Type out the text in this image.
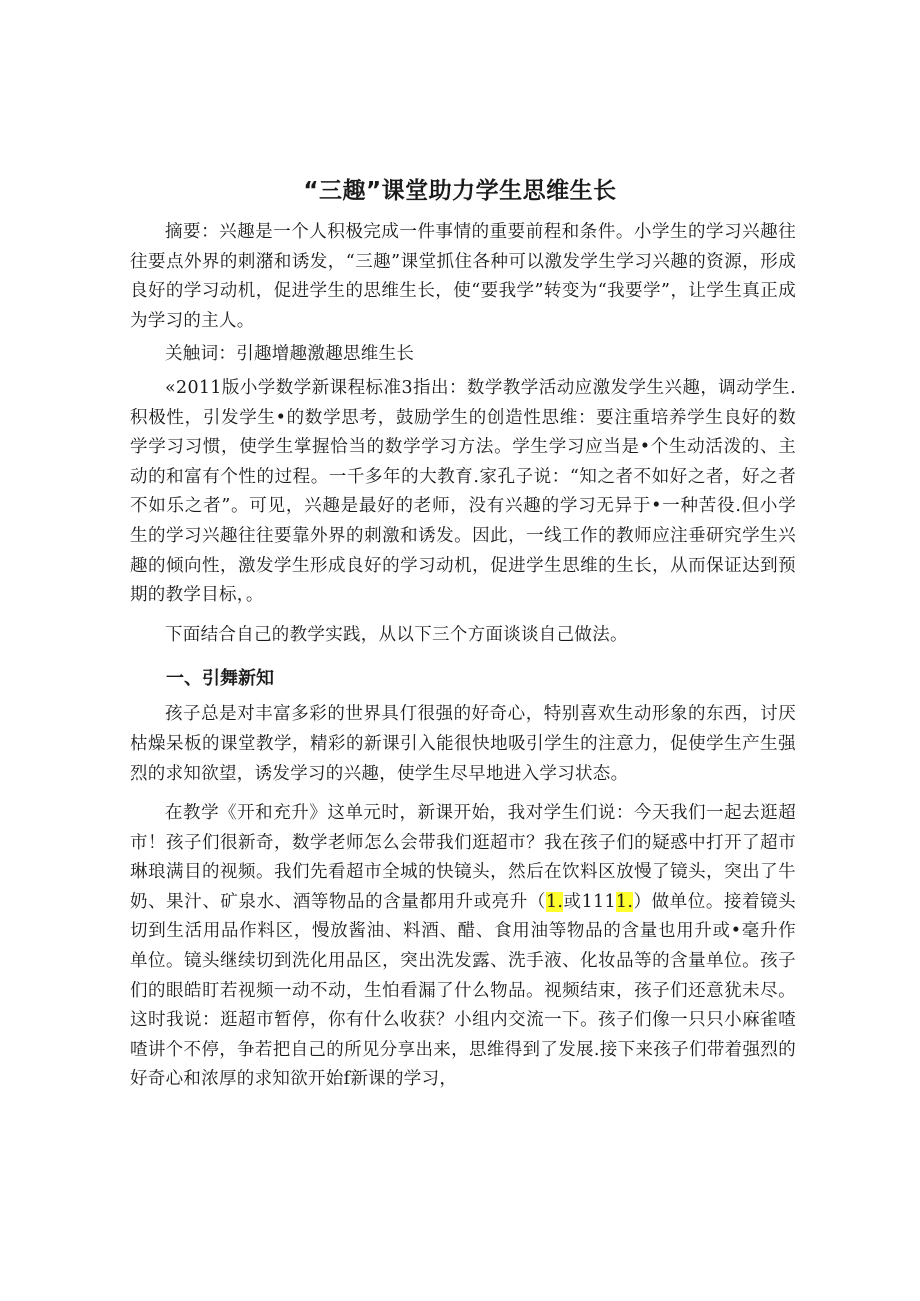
“三趣”课堂助力学生思维生长

摘要：兴趣是一个人积极完成一件事情的重要前程和条件。小学生的学习兴趣往往要点外界的刺潴和诱发，“三趣”课堂抓住各种可以激发学生学习兴趣的资源，形成良好的学习动机，促进学生的思维生长，使“要我学”转变为“我要学”，让学生真正成为学习的主人。

关触词：引趣增趣激趣思维生长

«2011版小学数学新课程标准3指出：数学教学活动应激发学生兴趣，调动学生.积极性，引发学生•的数学思考，鼓励学生的创造性思维：要注重培养学生良好的数学学习习惯，使学生掌握恰当的数学学习方法。学生学习应当是•个生动活泼的、主动的和富有个性的过程。一千多年的大教育.家孔子说：“知之者不如好之者，好之者不如乐之者”。可见，兴趣是最好的老师，没有兴趣的学习无异于•一种苦役.但小学生的学习兴趣往往要靠外界的刺激和诱发。因此，一线工作的教师应注垂研究学生兴趣的倾向性，激发学生形成良好的学习动机，促进学生思维的生长，从而保证达到预期的教学目标，。

下面结合自己的教学实践，从以下三个方面谈谈自己做法。

一、引舞新知

孩子总是对丰富多彩的世界具仃很强的好奇心，特别喜欢生动形象的东西，讨厌枯燥呆板的课堂教学，精彩的新课引入能很快地吸引学生的注意力，促使学生产生强烈的求知欲望，诱发学习的兴趣，使学生尽早地进入学习状态。

在教学《开和充升》这单元时，新课开始，我对学生们说：今天我们一起去逛超市！孩子们很新奇，数学老师怎么会带我们逛超市？我在孩子们的疑惑中打开了超市琳琅满目的视频。我们先看超市全城的快镜头，然后在饮料区放慢了镜头，突出了牛奶、果汁、矿泉水、酒等物品的含量都用升或亮升（1.或1111.）做单位。接着镜头切到生活用品作料区，慢放酱油、料酒、醋、食用油等物品的含量也用升或•毫升作单位。镜头继续切到洗化用品区，突出洗发露、洗手液、化妆品等的含量单位。孩子们的眼皓盯若视频一动不动，生怕看漏了什么物品。视频结束，孩子们还意犹未尽。这时我说：逛超市暂停，你有什么收获？小组内交流一下。孩子们像一只只小麻雀喳喳讲个不停，争若把自己的所见分享出来，思维得到了发展.接下来孩子们带着强烈的好奇心和浓厚的求知欲开始f新课的学习，
